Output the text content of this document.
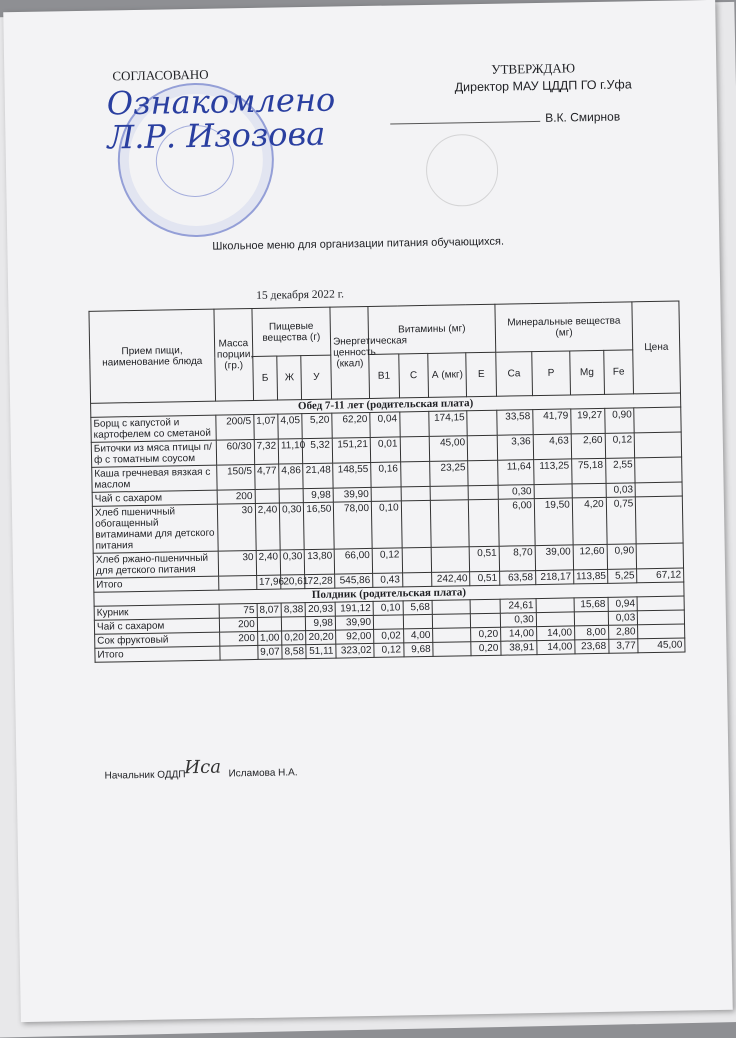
СОГЛАСОВАНО
Ознакомлено
Л.Р. Изозова
УТВЕРЖДАЮ
Директор МАУ ЦДДП ГО г.Уфа
В.К. Смирнов
Школьное меню для организации питания обучающихся.
15 декабря 2022 г.
Прием пищи, наименование блюда	Масса порции, (гр.)	Пищевые вещества (г)			Энергетическая ценность (ккал)	Витамины (мг)				Минеральные вещества (мг)				Цена
		Б	Ж	У		B1	C	А (мкг)	E	Ca	P	Mg	Fe	
Обед 7-11 лет (родительская плата)														
Борщ с капустой и картофелем со сметаной	200/5	1,07	4,05	5,20	62,20	0,04		174,15		33,58	41,79	19,27	0,90	
Биточки из мяса птицы п/ф с томатным соусом	60/30	7,32	11,10	5,32	151,21	0,01		45,00		3,36	4,63	2,60	0,12	
Каша гречневая вязкая с маслом	150/5	4,77	4,86	21,48	148,55	0,16		23,25		11,64	113,25	75,18	2,55	
Чай с сахаром	200			9,98	39,90					0,30			0,03	
Хлеб пшеничный обогащенный витаминами для детского питания	30	2,40	0,30	16,50	78,00	0,10				6,00	19,50	4,20	0,75	
Хлеб ржано-пшеничный для детского питания	30	2,40	0,30	13,80	66,00	0,12			0,51	8,70	39,00	12,60	0,90	
Итого		17,96	20,61	72,28	545,86	0,43		242,40	0,51	63,58	218,17	113,85	5,25	67,12
Полдник (родительская плата)														
Курник	75	8,07	8,38	20,93	191,12	0,10	5,68			24,61		15,68	0,94	
Чай с сахаром	200			9,98	39,90					0,30			0,03	
Сок фруктовый	200	1,00	0,20	20,20	92,00	0,02	4,00		0,20	14,00	14,00	8,00	2,80	
Итого		9,07	8,58	51,11	323,02	0,12	9,68		0,20	38,91	14,00	23,68	3,77	45,00
Начальник ОДДП
Иса Исламова Н.А.
